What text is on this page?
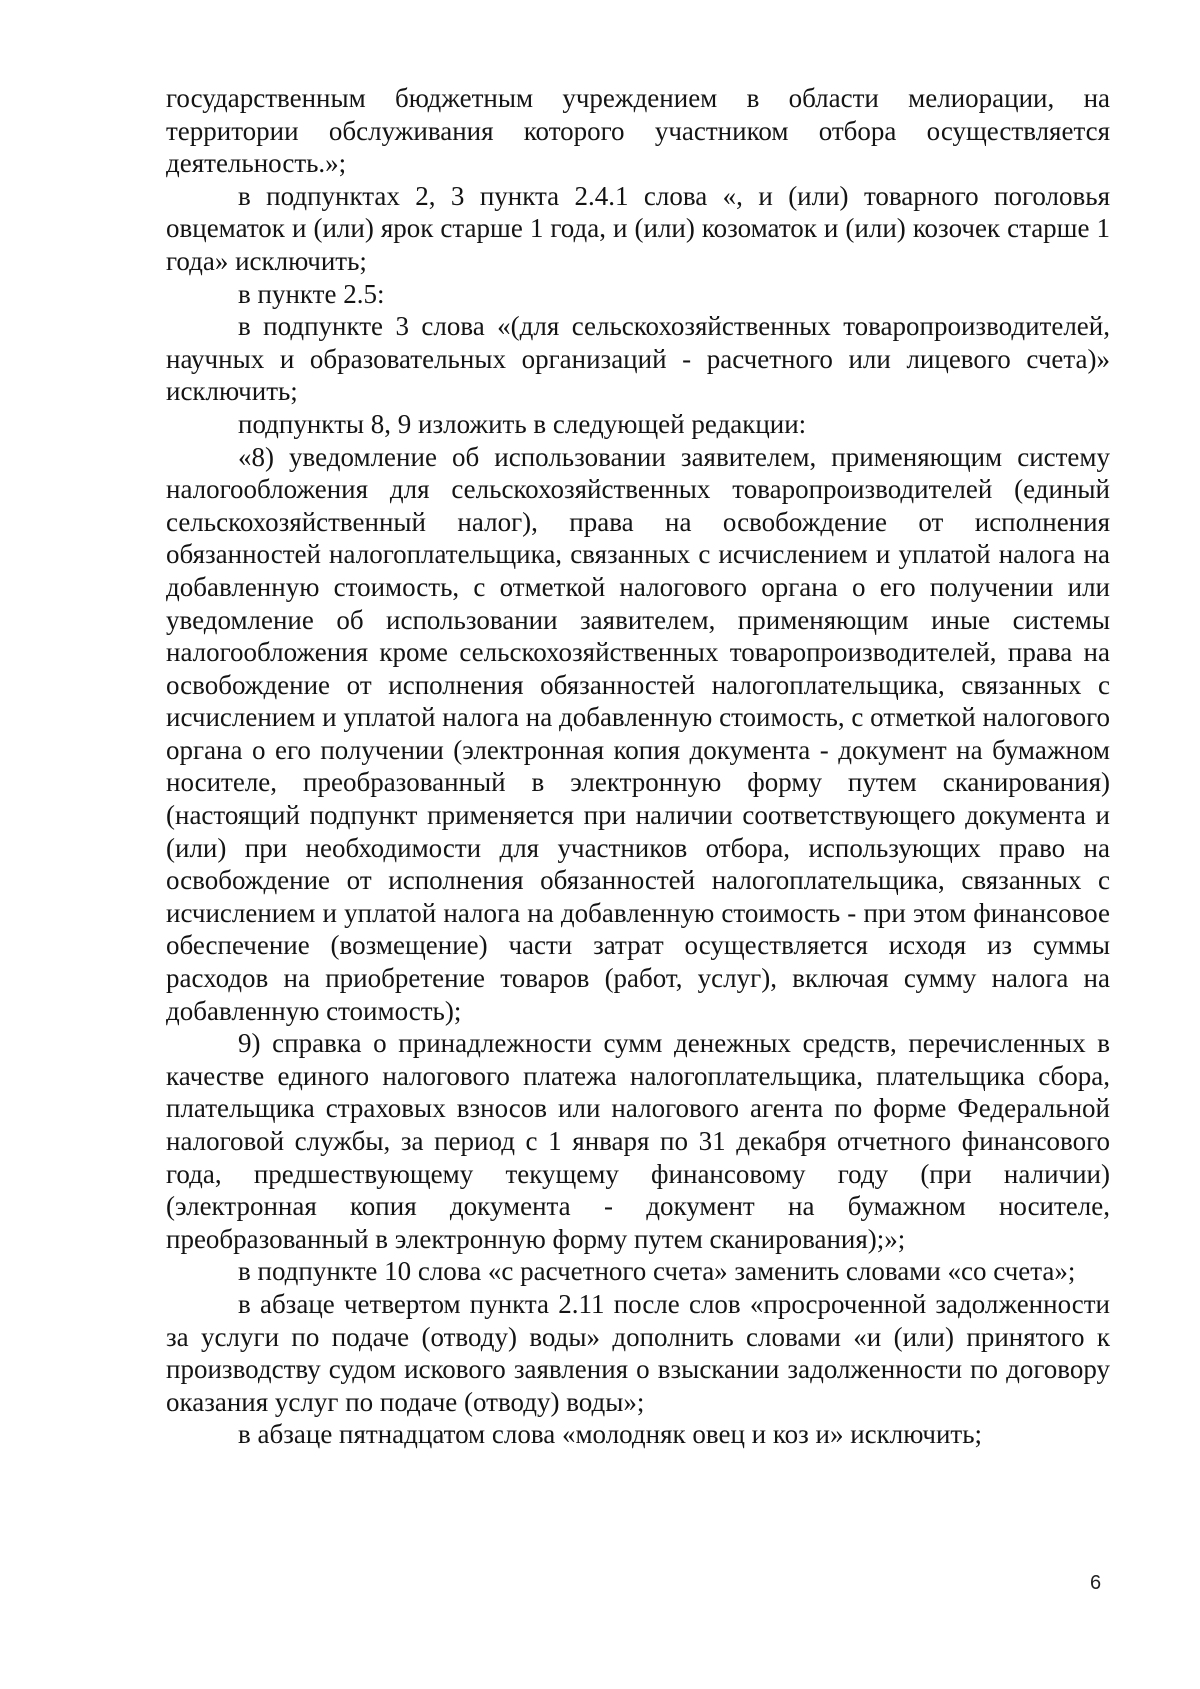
государственным бюджетным учреждением в области мелиорации, на территории обслуживания которого участником отбора осуществляется деятельность.»;

в подпунктах 2, 3 пункта 2.4.1 слова «, и (или) товарного поголовья овцематок и (или) ярок старше 1 года, и (или) козоматок и (или) козочек старше 1 года» исключить;

в пункте 2.5:

в подпункте 3 слова «(для сельскохозяйственных товаропроизводителей, научных и образовательных организаций - расчетного или лицевого счета)» исключить;

подпункты 8, 9 изложить в следующей редакции:

«8) уведомление об использовании заявителем, применяющим систему налогообложения для сельскохозяйственных товаропроизводителей (единый сельскохозяйственный налог), права на освобождение от исполнения обязанностей налогоплательщика, связанных с исчислением и уплатой налога на добавленную стоимость, с отметкой налогового органа о его получении или уведомление об использовании заявителем, применяющим иные системы налогообложения кроме сельскохозяйственных товаропроизводителей, права на освобождение от исполнения обязанностей налогоплательщика, связанных с исчислением и уплатой налога на добавленную стоимость, с отметкой налогового органа о его получении (электронная копия документа - документ на бумажном носителе, преобразованный в электронную форму путем сканирования) (настоящий подпункт применяется при наличии соответствующего документа и (или) при необходимости для участников отбора, использующих право на освобождение от исполнения обязанностей налогоплательщика, связанных с исчислением и уплатой налога на добавленную стоимость - при этом финансовое обеспечение (возмещение) части затрат осуществляется исходя из суммы расходов на приобретение товаров (работ, услуг), включая сумму налога на добавленную стоимость);

9) справка о принадлежности сумм денежных средств, перечисленных в качестве единого налогового платежа налогоплательщика, плательщика сбора, плательщика страховых взносов или налогового агента по форме Федеральной налоговой службы, за период с 1 января по 31 декабря отчетного финансового года, предшествующему текущему финансовому году (при наличии) (электронная копия документа - документ на бумажном носителе, преобразованный в электронную форму путем сканирования);»;

в подпункте 10 слова «с расчетного счета» заменить словами «со счета»;

в абзаце четвертом пункта 2.11 после слов «просроченной задолженности за услуги по подаче (отводу) воды» дополнить словами «и (или) принятого к производству судом искового заявления о взыскании задолженности по договору оказания услуг по подаче (отводу) воды»;

в абзаце пятнадцатом слова «молодняк овец и коз и» исключить;

6
